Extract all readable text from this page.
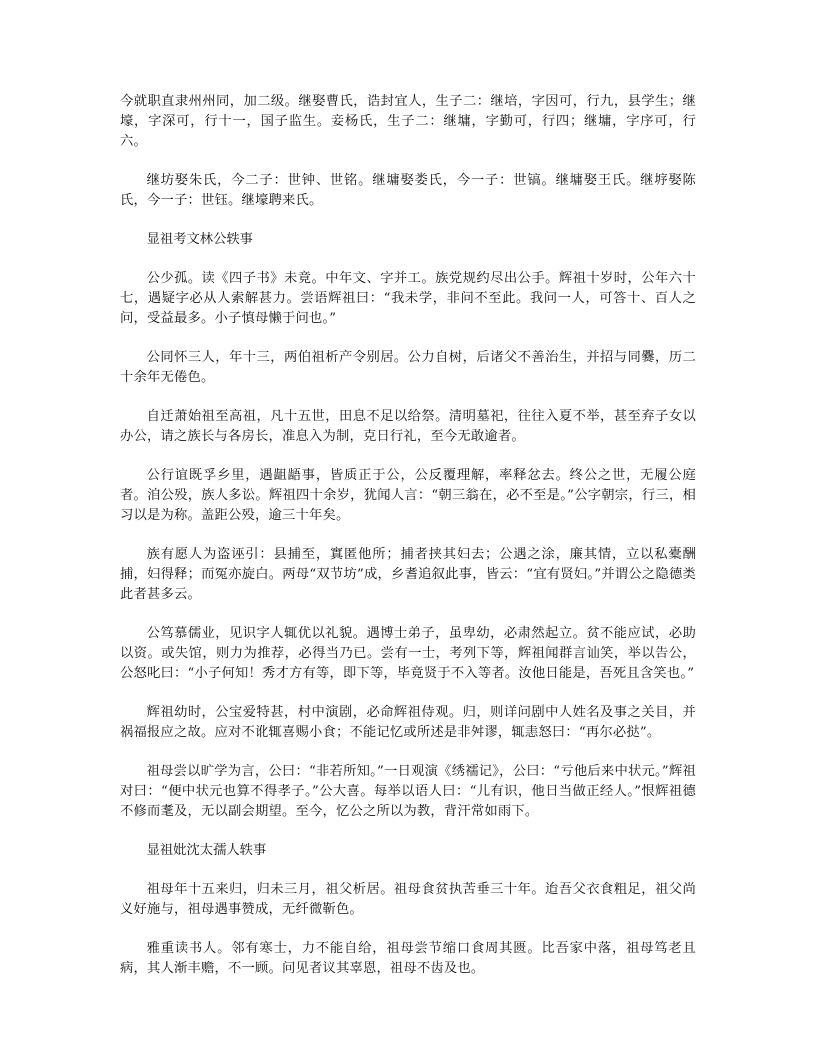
今就职直隶州州同，加二级。继娶曹氏，诰封宜人，生子二：继培，字因可，行九，县学生；继壕，字深可，行十一，国子监生。妾杨氏，生子二：继墉，字勤可，行四；继墉，字序可，行六。

继坊娶朱氏，今二子：世钟、世铭。继墉娶娄氏，今一子：世镐。继墉娶王氏。继垿娶陈氏，今一子：世钰。继壕聘来氏。

显祖考文林公轶事

公少孤。读《四子书》未竟。中年文、字并工。族党规约尽出公手。辉祖十岁时，公年六十七，遇疑字必从人索解甚力。尝语辉祖曰：“我未学，非问不至此。我问一人，可答十、百人之问，受益最多。小子慎母懒于问也。”

公同怀三人，年十三，两伯祖析产令别居。公力自树，后诸父不善治生，并招与同爨，历二十余年无倦色。

自迁萧始祖至高祖，凡十五世，田息不足以给祭。清明墓祀，往往入夏不举，甚至弃子女以办公，请之族长与各房长，准息入为制，克日行礼，至今无敢逾者。

公行谊既孚乡里，遇龃龉事，皆质正于公，公反覆理解，率释忿去。终公之世，无履公庭者。洎公殁，族人多讼。辉祖四十余岁，犹闻人言：“朝三翁在，必不至是。”公字朝宗，行三，相习以是为称。盖距公殁，逾三十年矣。

族有愿人为盗诬引：县捕至，窴匿他所；捕者挟其妇去；公遇之涂，廉其情，立以私橐酬捕，妇得释；而冤亦旋白。两母“双节坊”成，乡耆追叙此事，皆云：“宜有贤妇。”并谓公之隐德类此者甚多云。

公笃慕儒业，见识字人辄优以礼貌。遇博士弟子，虽卑幼，必肃然起立。贫不能应试，必助以资。或失馆，则力为推荐，必得当乃已。尝有一士，考列下等，辉祖闻群言讪笑，举以告公，公怒叱曰：“小子何知！秀才方有等，即下等，毕竟贤于不入等者。汝他日能是，吾死且含笑也。”

辉祖幼时，公宝爱特甚，村中演剧，必命辉祖侍观。归，则详问剧中人姓名及事之关目，并祸福报应之故。应对不讹辄喜赐小食；不能记忆或所述是非舛谬，辄恚怒曰：“再尔必挞”。

祖母尝以旷学为言，公曰：“非若所知。”一日观演《绣襦记》，公曰：“亏他后来中状元。”辉祖对曰：“便中状元也算不得孝子。”公大喜。每举以语人曰：“儿有识，他日当做正经人。”恨辉祖德不修而耄及，无以副会期望。至今，忆公之所以为教，背汗常如雨下。

显祖妣沈太孺人轶事

祖母年十五来归，归未三月，祖父析居。祖母食贫执苦垂三十年。迨吾父衣食粗足，祖父尚义好施与，祖母遇事赞成，无纤微靳色。

雅重读书人。邻有寒士，力不能自给，祖母尝节缩口食周其匮。比吾家中落，祖母笃老且病，其人渐丰赡，不一顾。问见者议其辜恩，祖母不齿及也。
